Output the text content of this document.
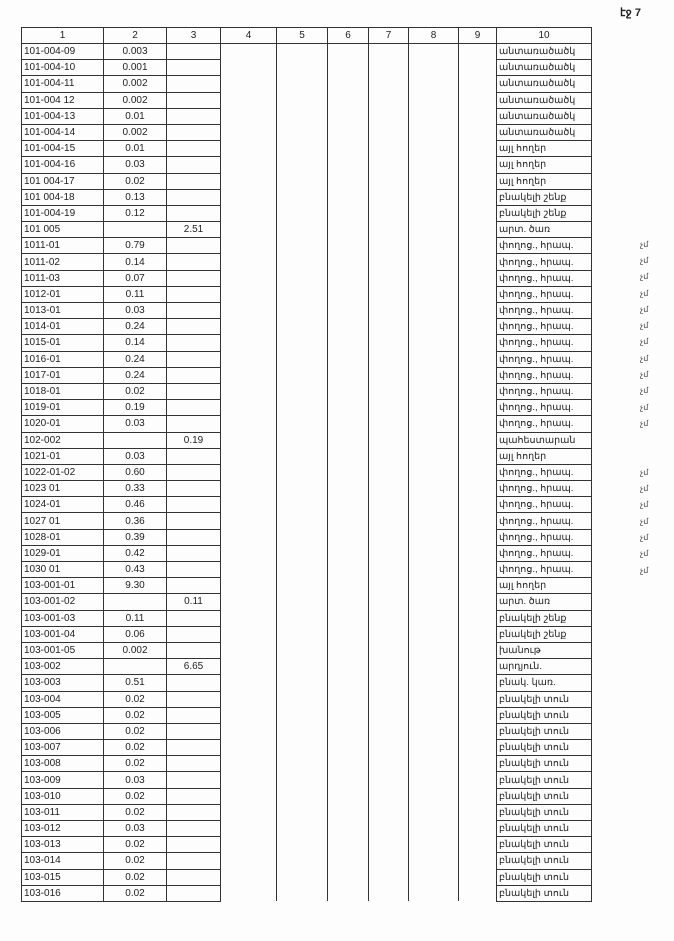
էջ 7
1	2	3	4	5	6	7	8	9	10
101-004-09	0.003								անտառածածկ
101-004-10	0.001								անտառածածկ
101-004-11	0.002								անտառածածկ
101-004 12	0.002								անտառածածկ
101-004-13	0.01								անտառածածկ
101-004-14	0.002								անտառածածկ
101-004-15	0.01								այլ հողեր
101-004-16	0.03								այլ հողեր
101 004-17	0.02								այլ հողեր
101 004-18	0.13								բնակելի շենք
101-004-19	0.12								բնակելի շենք
101 005		2.51							արտ. ծառ
1011-01	0.79								փողոց., հրապ.
1011-02	0.14								փողոց., հրապ.
1011-03	0.07								փողոց., հրապ.
1012-01	0.11								փողոց., հրապ.
1013-01	0.03								փողոց., հրապ.
1014-01	0.24								փողոց., հրապ.
1015-01	0.14								փողոց., հրապ.
1016-01	0.24								փողոց., հրապ.
1017-01	0.24								փողոց., հրապ.
1018-01	0.02								փողոց., հրապ.
1019-01	0.19								փողոց., հրապ.
1020-01	0.03								փողոց., հրապ.
102-002		0.19							պահեստարան
1021-01	0.03								այլ հողեր
1022-01-02	0.60								փողոց., հրապ.
1023 01	0.33								փողոց., հրապ.
1024-01	0.46								փողոց., հրապ.
1027 01	0.36								փողոց., հրապ.
1028-01	0.39								փողոց., հրապ.
1029-01	0.42								փողոց., հրապ.
1030 01	0.43								փողոց., հրապ.
103-001-01	9.30								այլ հողեր
103-001-02		0.11							արտ. ծառ
103-001-03	0.11								բնակելի շենք
103-001-04	0.06								բնակելի շենք
103-001-05	0.002								խանութ
103-002		6.65							արդյուն.
103-003	0.51								բնակ. կառ.
103-004	0.02								բնակելի տուն
103-005	0.02								բնակելի տուն
103-006	0.02								բնակելի տուն
103-007	0.02								բնակելի տուն
103-008	0.02								բնակելի տուն
103-009	0.03								բնակելի տուն
103-010	0.02								բնակելի տուն
103-011	0.02								բնակելի տուն
103-012	0.03								բնակելի տուն
103-013	0.02								բնակելի տուն
103-014	0.02								բնակելի տուն
103-015	0.02								բնակելի տուն
103-016	0.02								բնակելի տուն
չմ
չմ
չմ
չմ
չմ
չմ
չմ
չմ
չմ
չմ
չմ
չմ
չմ
չմ
չմ
չմ
չմ
չմ
չմ
